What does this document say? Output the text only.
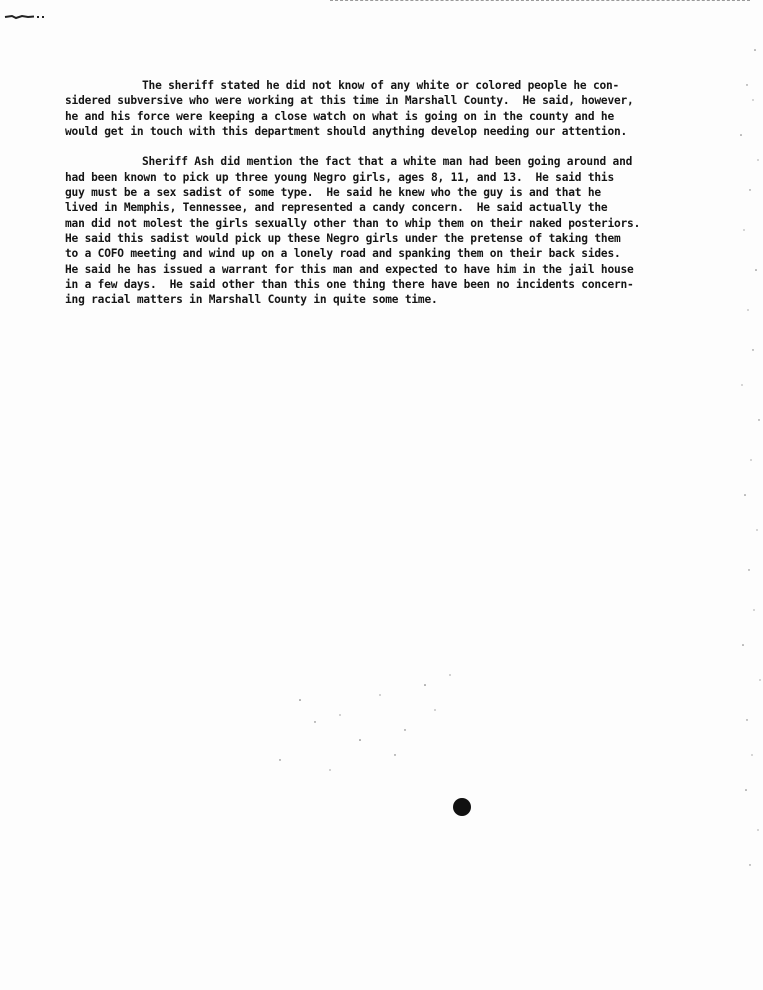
The sheriff stated he did not know of any white or colored people he con-
sidered subversive who were working at this time in Marshall County.  He said, however,
he and his force were keeping a close watch on what is going on in the county and he
would get in touch with this department should anything develop needing our attention.
Sheriff Ash did mention the fact that a white man had been going around and
had been known to pick up three young Negro girls, ages 8, 11, and 13.  He said this
guy must be a sex sadist of some type.  He said he knew who the guy is and that he
lived in Memphis, Tennessee, and represented a candy concern.  He said actually the
man did not molest the girls sexually other than to whip them on their naked posteriors.
He said this sadist would pick up these Negro girls under the pretense of taking them
to a COFO meeting and wind up on a lonely road and spanking them on their back sides.
He said he has issued a warrant for this man and expected to have him in the jail house
in a few days.  He said other than this one thing there have been no incidents concern-
ing racial matters in Marshall County in quite some time.
